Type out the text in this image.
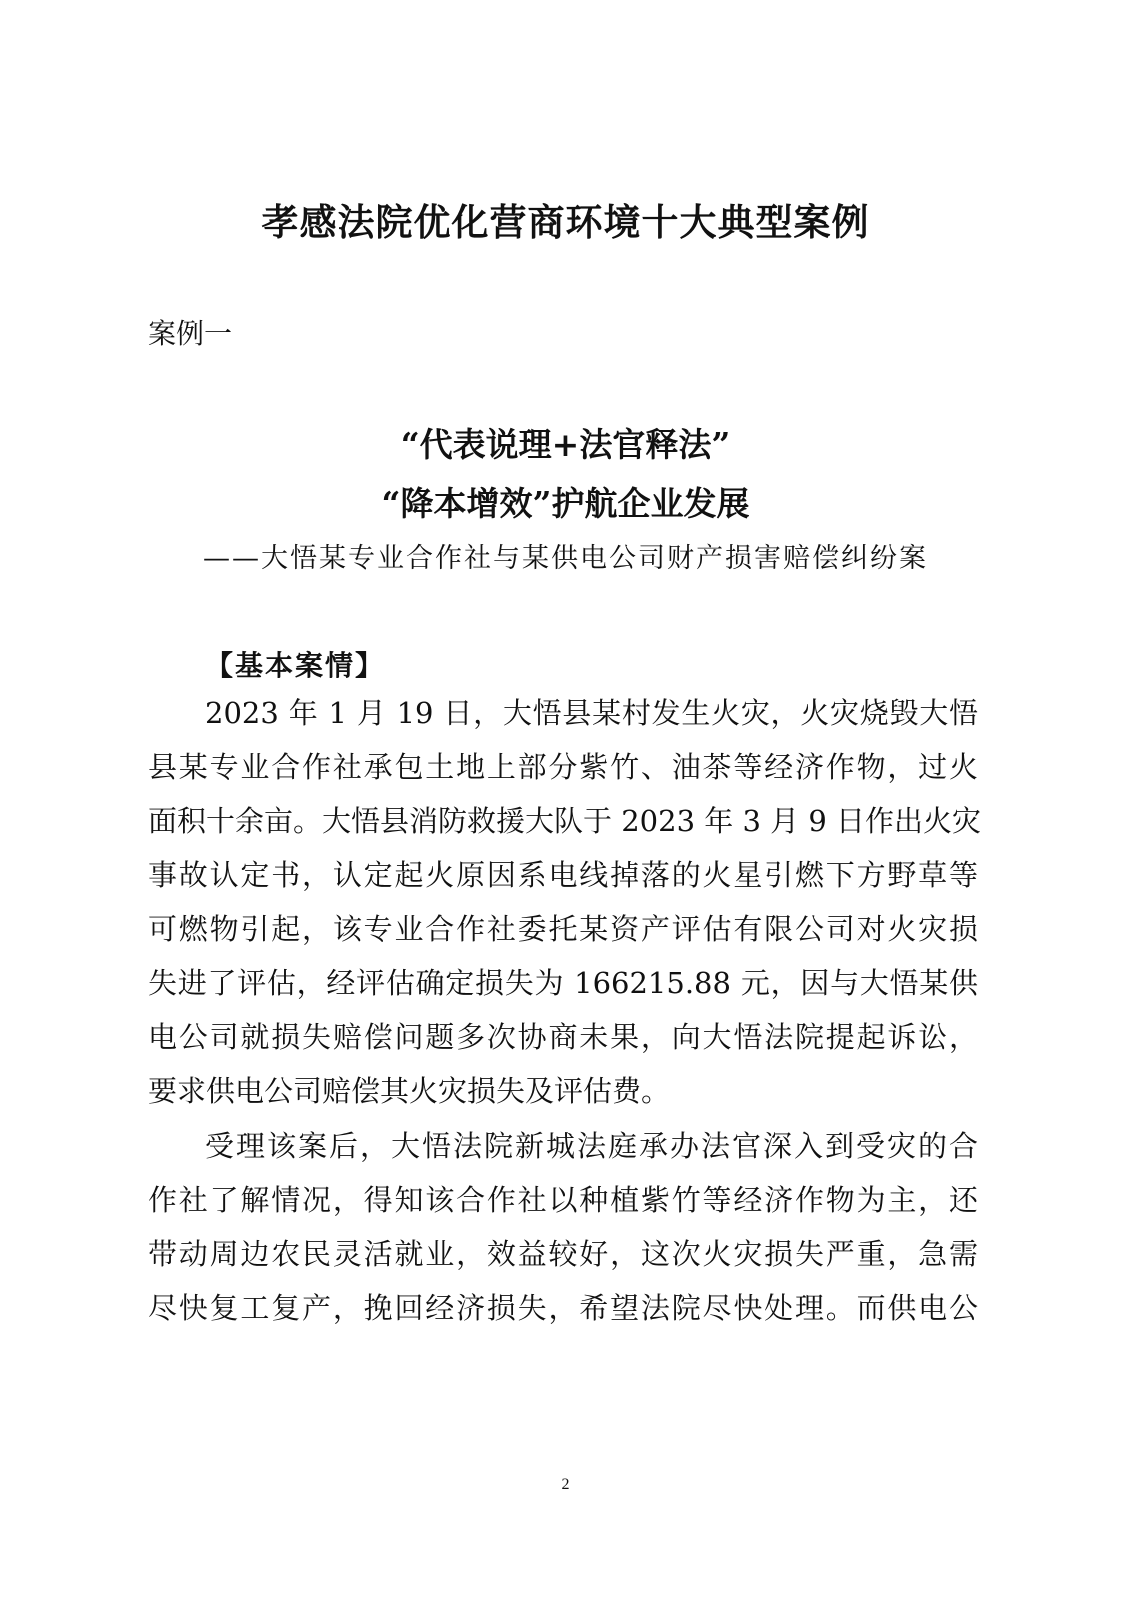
孝感法院优化营商环境十大典型案例
案例一
“代表说理+法官释法”
“降本增效”护航企业发展
——大悟某专业合作社与某供电公司财产损害赔偿纠纷案
【基本案情】
2023 年 1 月 19 日，大悟县某村发生火灾，火灾烧毁大悟
县某专业合作社承包土地上部分紫竹、油茶等经济作物，过火
面积十余亩。大悟县消防救援大队于 2023 年 3 月 9 日作出火灾
事故认定书，认定起火原因系电线掉落的火星引燃下方野草等
可燃物引起，该专业合作社委托某资产评估有限公司对火灾损
失进了评估，经评估确定损失为 166215.88 元，因与大悟某供
电公司就损失赔偿问题多次协商未果，向大悟法院提起诉讼，
要求供电公司赔偿其火灾损失及评估费。
受理该案后，大悟法院新城法庭承办法官深入到受灾的合
作社了解情况，得知该合作社以种植紫竹等经济作物为主，还
带动周边农民灵活就业，效益较好，这次火灾损失严重，急需
尽快复工复产，挽回经济损失，希望法院尽快处理。而供电公
2
